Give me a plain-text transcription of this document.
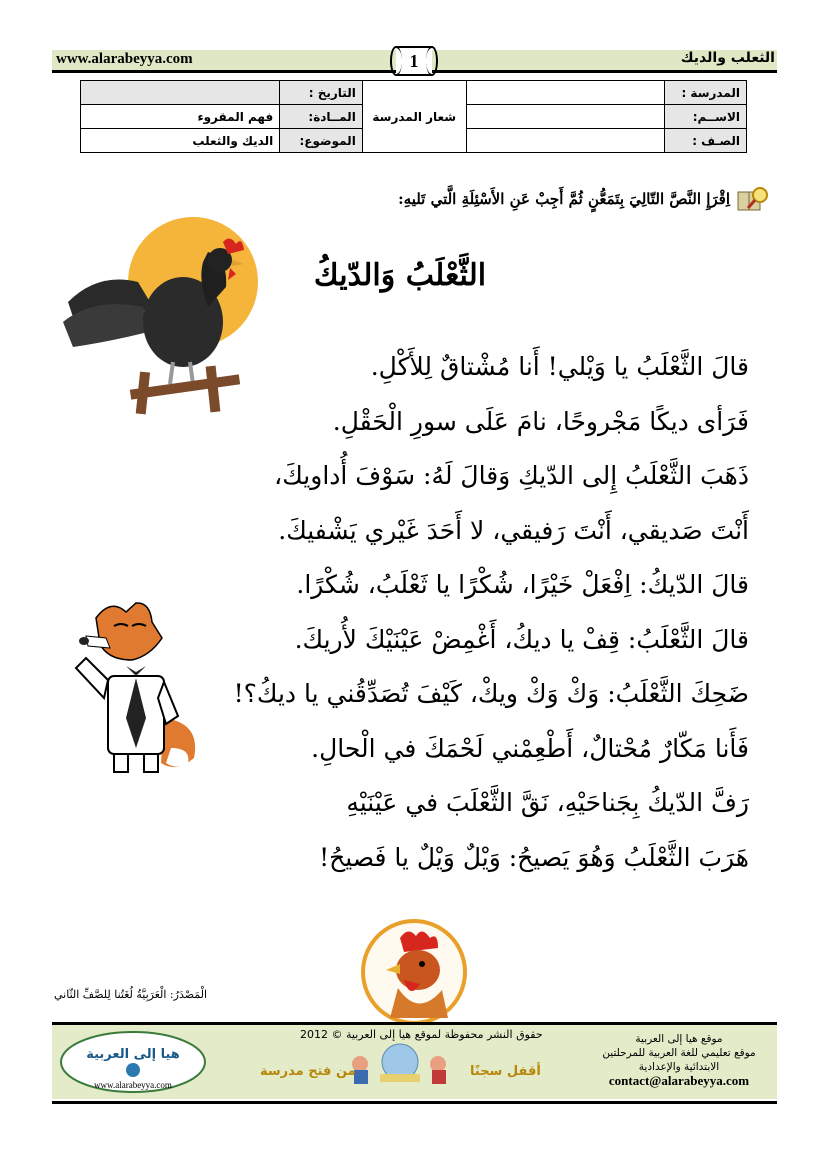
www.alarabeyya.com	الثعلب والديك
1
المدرسة :		شعار المدرسة	التاريخ :	
الاســم:			المــادة:	فهم المقروء
الصـف :			الموضوع:	الديك والثعلب
اِقْرَإِ النَّصَّ التّالِيَ بِتَمَعُّنٍ ثُمَّ أَجِبْ عَنِ الأَسْئِلَةِ الَّتي تَليهِ:
الثَّعْلَبُ وَالدّيكُ
قالَ الثَّعْلَبُ يا وَيْلي! أَنا مُشْتاقٌ لِلأَكْلِ.
فَرَأى ديكًا مَجْروحًا، نامَ عَلَى سورِ الْحَقْلِ.
ذَهَبَ الثَّعْلَبُ إِلى الدّيكِ وَقالَ لَهُ: سَوْفَ أُداويكَ،
أَنْتَ صَديقي، أَنْتَ رَفيقي، لا أَحَدَ غَيْري يَشْفيكَ.
قالَ الدّيكُ: اِفْعَلْ خَيْرًا، شُكْرًا يا ثَعْلَبُ، شُكْرًا.
قالَ الثَّعْلَبُ: قِفْ يا ديكُ، أَغْمِضْ عَيْنَيْكَ لأُريكَ.
ضَحِكَ الثَّعْلَبُ: وَكْ وَكْ ويكْ، كَيْفَ تُصَدِّقُني يا ديكُ؟!
فَأَنا مَكّارٌ مُحْتالٌ، أَطْعِمْني لَحْمَكَ في الْحالِ.
رَفَّ الدّيكُ بِجَناحَيْهِ، نَقَّ الثَّعْلَبَ في عَيْنَيْهِ
هَرَبَ الثَّعْلَبُ وَهُوَ يَصيحُ: وَيْلٌ وَيْلٌ يا فَصيحُ!
الْمَصْدَرُ: الْعَرَبِيَّةُ لُغَتُنا لِلصَّفِّ الثّاني
هيا إلى العربية
www.alarabeyya.com
حقوق النشر محفوظة لموقع هيا إلى العربية © 2012
من فتح مدرسة	أقفل سجنًا
موقع هيا إلى العربية
موقع تعليمي للغة العربية للمرحلتين
الابتدائية والإعدادية
contact@alarabeyya.com
